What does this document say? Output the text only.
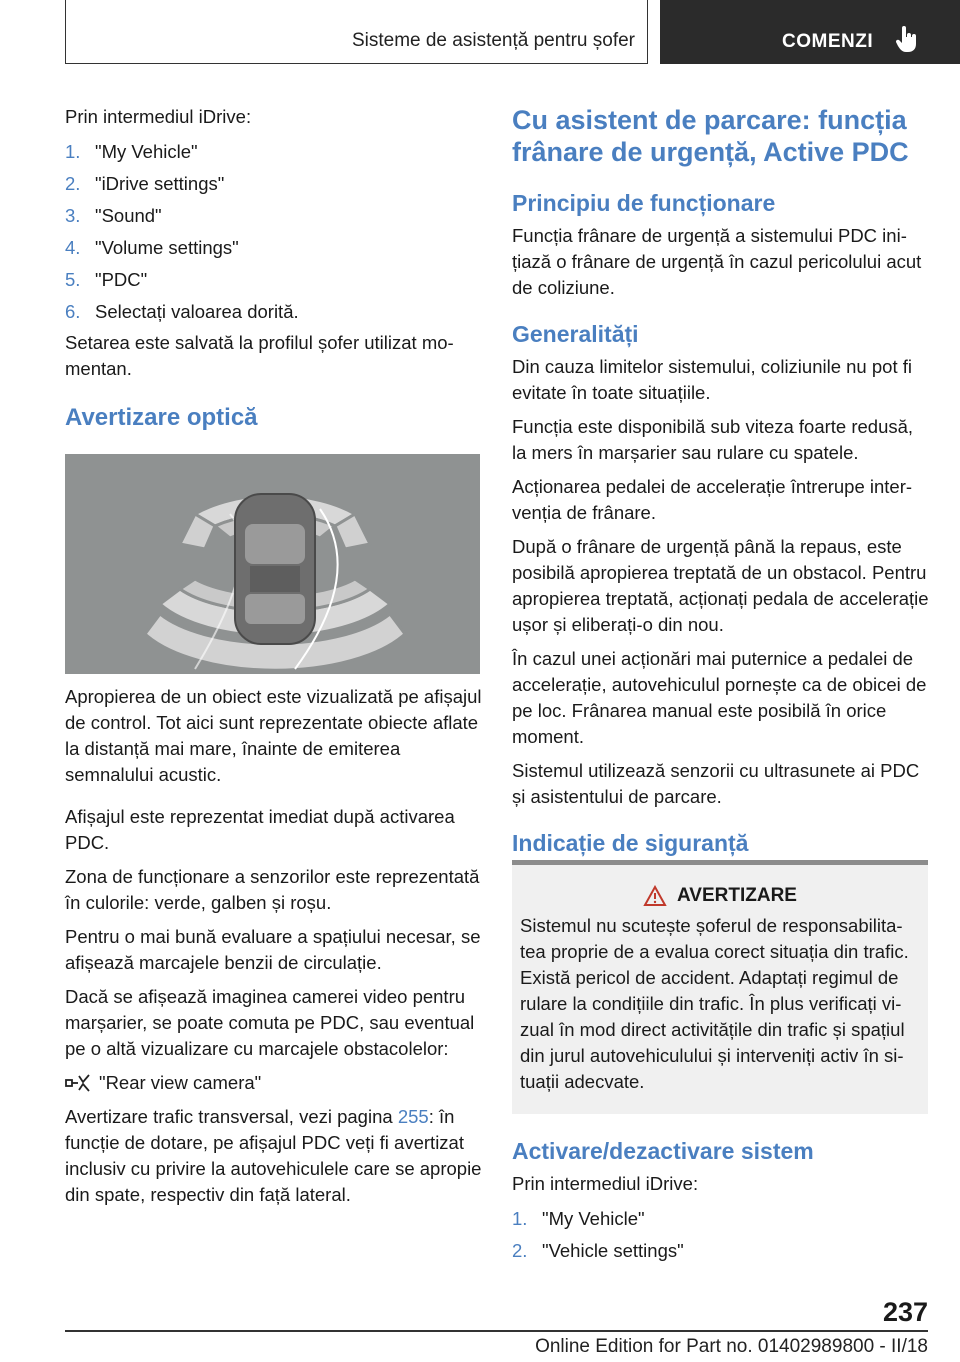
Sisteme de asistență pentru șofer	COMENZI

Prin intermediul iDrive:

1. "My Vehicle"
2. "iDrive settings"
3. "Sound"
4. "Volume settings"
5. "PDC"
6. Selectați valoarea dorită.

Setarea este salvată la profilul șofer utilizat momentan.

Avertizare optică

Apropierea de un obiect este vizualizată pe afișajul de control. Tot aici sunt reprezentate obiecte aflate la distanță mai mare, înainte de emiterea semnalului acustic.

Afișajul este reprezentat imediat după activarea PDC.

Zona de funcționare a senzorilor este reprezentată în culorile: verde, galben și roșu.

Pentru o mai bună evaluare a spațiului necesar, se afișează marcajele benzii de circulație.

Dacă se afișează imaginea camerei video pentru marșarier, se poate comuta pe PDC, sau eventual pe o altă vizualizare cu marcajele obstacolelor:

"Rear view camera"

Avertizare trafic transversal, vezi pagina 255: în funcție de dotare, pe afișajul PDC veți fi avertizat inclusiv cu privire la autovehiculele care se apropie din spate, respectiv din față lateral.

Cu asistent de parcare: funcția frânare de urgență, Active PDC
Principiu de funcționare

Funcția frânare de urgență a sistemului PDC inițiază o frânare de urgență în cazul pericolului acut de coliziune.

Generalități

Din cauza limitelor sistemului, coliziunile nu pot fi evitate în toate situațiile.

Funcția este disponibilă sub viteza foarte redusă, la mers în marșarier sau rulare cu spatele.

Acționarea pedalei de accelerație întrerupe intervenția de frânare.

După o frânare de urgență până la repaus, este posibilă apropierea treptată de un obstacol. Pentru apropierea treptată, acționați pedala de accelerație ușor și eliberați-o din nou.

În cazul unei acționări mai puternice a pedalei de accelerație, autovehiculul pornește ca de obicei de pe loc. Frânarea manual este posibilă în orice moment.

Sistemul utilizează senzorii cu ultrasunete ai PDC și asistentului de parcare.

Indicație de siguranță
AVERTIZARE

Sistemul nu scutește șoferul de responsabilitatea proprie de a evalua corect situația din trafic. Există pericol de accident. Adaptați regimul de rulare la condițiile din trafic. În plus verificați vizual în mod direct activitățile din trafic și spațiul din jurul autovehiculului și interveniți activ în situații adecvate.

Activare/dezactivare sistem

Prin intermediul iDrive:

1. "My Vehicle"
2. "Vehicle settings"
237
Online Edition for Part no. 01402989800 - II/18
